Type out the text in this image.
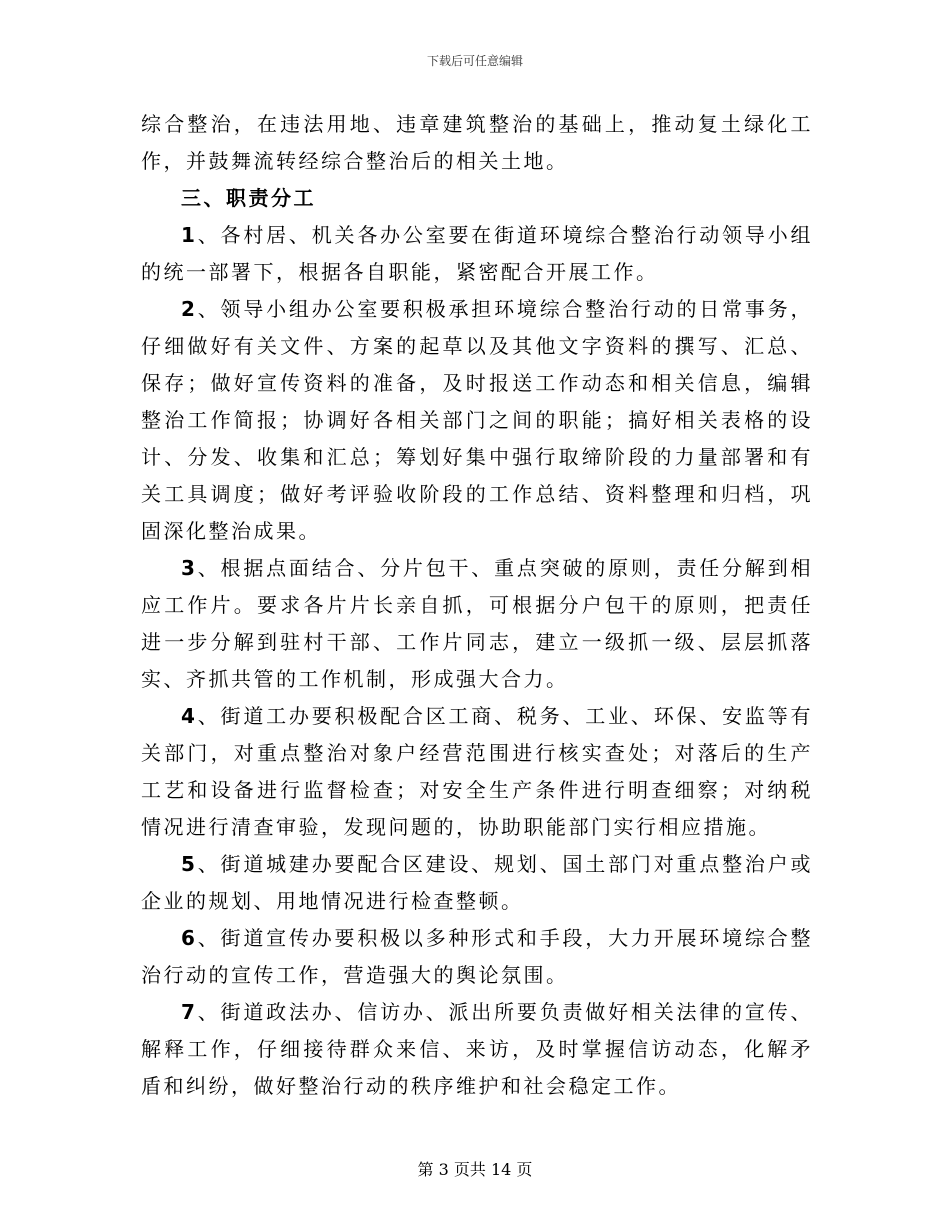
下载后可任意编辑

综合整治，在违法用地、违章建筑整治的基础上，推动复土绿化工作，并鼓舞流转经综合整治后的相关土地。

三、职责分工

1、各村居、机关各办公室要在街道环境综合整治行动领导小组的统一部署下，根据各自职能，紧密配合开展工作。

2、领导小组办公室要积极承担环境综合整治行动的日常事务，仔细做好有关文件、方案的起草以及其他文字资料的撰写、汇总、保存；做好宣传资料的准备，及时报送工作动态和相关信息，编辑整治工作简报；协调好各相关部门之间的职能；搞好相关表格的设计、分发、收集和汇总；筹划好集中强行取缔阶段的力量部署和有关工具调度；做好考评验收阶段的工作总结、资料整理和归档，巩固深化整治成果。

3、根据点面结合、分片包干、重点突破的原则，责任分解到相应工作片。要求各片片长亲自抓，可根据分户包干的原则，把责任进一步分解到驻村干部、工作片同志，建立一级抓一级、层层抓落实、齐抓共管的工作机制，形成强大合力。

4、街道工办要积极配合区工商、税务、工业、环保、安监等有关部门，对重点整治对象户经营范围进行核实查处；对落后的生产工艺和设备进行监督检查；对安全生产条件进行明查细察；对纳税情况进行清查审验，发现问题的，协助职能部门实行相应措施。

5、街道城建办要配合区建设、规划、国土部门对重点整治户或企业的规划、用地情况进行检查整顿。

6、街道宣传办要积极以多种形式和手段，大力开展环境综合整治行动的宣传工作，营造强大的舆论氛围。

7、街道政法办、信访办、派出所要负责做好相关法律的宣传、解释工作，仔细接待群众来信、来访，及时掌握信访动态，化解矛盾和纠纷，做好整治行动的秩序维护和社会稳定工作。

第 3 页共 14 页
